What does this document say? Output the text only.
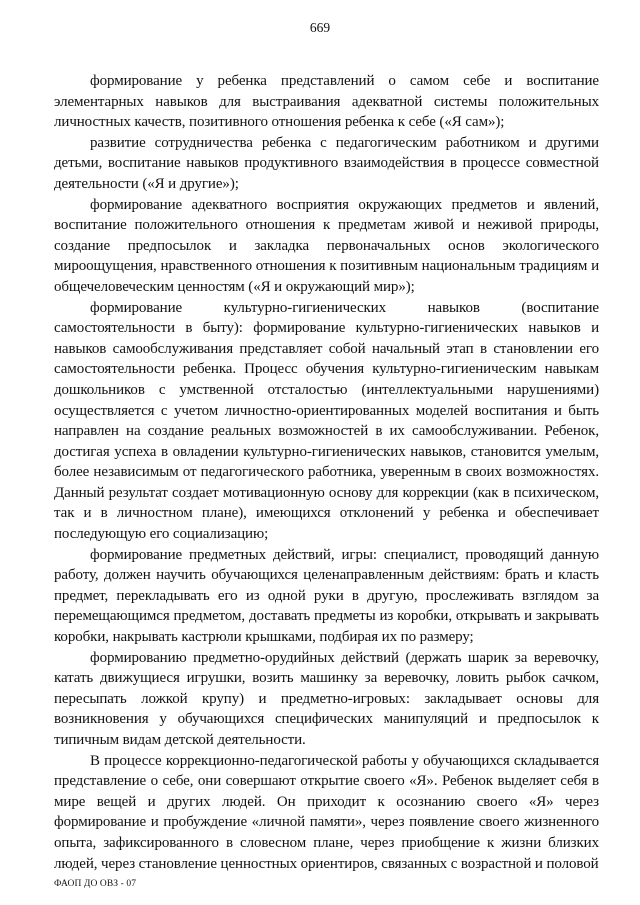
669

формирование у ребенка представлений о самом себе и воспитание элементарных навыков для выстраивания адекватной системы положительных личностных качеств, позитивного отношения ребенка к себе («Я сам»);

развитие сотрудничества ребенка с педагогическим работником и другими детьми, воспитание навыков продуктивного взаимодействия в процессе совместной деятельности («Я и другие»);

формирование адекватного восприятия окружающих предметов и явлений, воспитание положительного отношения к предметам живой и неживой природы, создание предпосылок и закладка первоначальных основ экологического мироощущения, нравственного отношения к позитивным национальным традициям и общечеловеческим ценностям («Я и окружающий мир»);

формирование культурно-гигиенических навыков (воспитание самостоятельности в быту): формирование культурно-гигиенических навыков и навыков самообслуживания представляет собой начальный этап в становлении его самостоятельности ребенка. Процесс обучения культурно-гигиеническим навыкам дошкольников с умственной отсталостью (интеллектуальными нарушениями) осуществляется с учетом личностно-ориентированных моделей воспитания и быть направлен на создание реальных возможностей в их самообслуживании. Ребенок, достигая успеха в овладении культурно-гигиенических навыков, становится умелым, более независимым от педагогического работника, уверенным в своих возможностях. Данный результат создает мотивационную основу для коррекции (как в психическом, так и в личностном плане), имеющихся отклонений у ребенка и обеспечивает последующую его социализацию;

формирование предметных действий, игры: специалист, проводящий данную работу, должен научить обучающихся целенаправленным действиям: брать и класть предмет, перекладывать его из одной руки в другую, прослеживать взглядом за перемещающимся предметом, доставать предметы из коробки, открывать и закрывать коробки, накрывать кастрюли крышками, подбирая их по размеру;

формированию предметно-орудийных действий (держать шарик за веревочку, катать движущиеся игрушки, возить машинку за веревочку, ловить рыбок сачком, пересыпать ложкой крупу) и предметно-игровых: закладывает основы для возникновения у обучающихся специфических манипуляций и предпосылок к типичным видам детской деятельности.

В процессе коррекционно-педагогической работы у обучающихся складывается представление о себе, они совершают открытие своего «Я». Ребенок выделяет себя в мире вещей и других людей. Он приходит к осознанию своего «Я» через формирование и пробуждение «личной памяти», через появление своего жизненного опыта, зафиксированного в словесном плане, через приобщение к жизни близких людей, через становление ценностных ориентиров, связанных с возрастной и половой

ФАОП ДО ОВЗ - 07
